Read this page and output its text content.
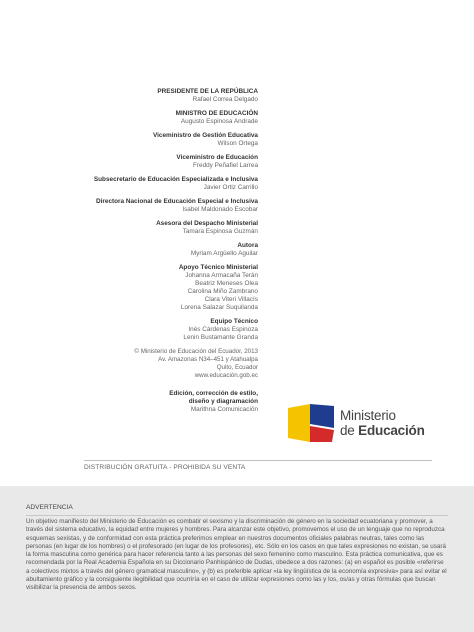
PRESIDENTE DE LA REPÚBLICA
Rafael Correa Delgado
MINISTRO DE EDUCACIÓN
Augusto Espinosa Andrade
Viceministro de Gestión Educativa
Wilson Ortega
Viceministro de Educación
Freddy Peñafiel Larrea
Subsecretario de Educación Especializada e Inclusiva
Javier Ortiz Carrillo
Directora Nacional de Educación Especial e Inclusiva
Isabel Maldonado Escobar
Asesora del Despacho Ministerial
Tamara Espinosa Guzmán
Autora
Myriam Argüello Aguilar
Apoyo Técnico Ministerial
Johanna Armacaña Terán
Beatriz Meneses Olea
Carolina Miño Zambrano
Clara Viteri Villacís
Lorena Salazar Suquilanda
Equipo Técnico
Inés Cárdenas Espinoza
Lenin Bustamante Granda
© Ministerio de Educación del Ecuador, 2013
Av. Amazonas N34–451 y Atahualpa
Quito, Ecuador
www.educación.gob.ec
Edición, corrección de estilo,
diseño y diagramación
Marithna Comunicación	Ministerio
de Educación
DISTRIBUCIÓN GRATUITA - PROHIBIDA SU VENTA
ADVERTENCIA
Un objetivo manifiesto del Ministerio de Educación es combatir el sexismo y la discriminación de género en la sociedad ecuatoriana y promover, a través del sistema educativo, la equidad entre mujeres y hombres. Para alcanzar este objetivo, promovemos el uso de un lenguaje que no reproduzca esquemas sexistas, y de conformidad con esta práctica preferimos emplear en nuestros documentos oficiales palabras neutras, tales como las personas (en lugar de los hombres) o el profesorado (en lugar de los profesores), etc. Sólo en los casos en que tales expresiones no existan, se usará la forma masculina como genérica para hacer referencia tanto a las personas del sexo femenino como masculino. Esta práctica comunicativa, que es recomendada por la Real Academia Española en su Diccionario Panhispánico de Dudas, obedece a dos razones: (a) en español es posible «referirse a colectivos mixtos a través del género gramatical masculino», y (b) es preferible aplicar «la ley lingüística de la economía expresiva» para así evitar el abultamiento gráfico y la consiguiente ilegibilidad que ocurriría en el caso de utilizar expresiones como las y los, os/as y otras fórmulas que buscan visibilizar la presencia de ambos sexos.
